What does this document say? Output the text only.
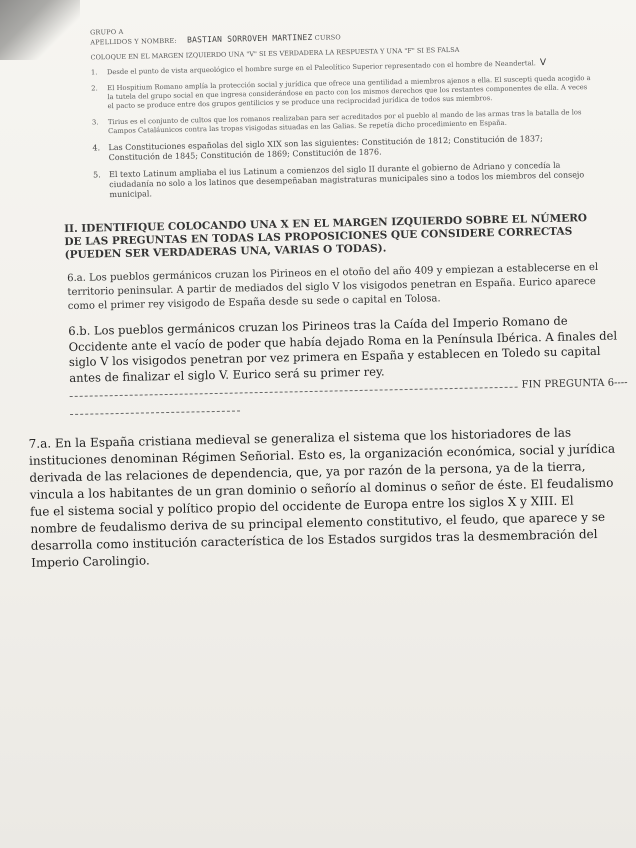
GRUPO A
APELLIDOS Y NOMBRE: BASTIAN SORROVEH MARTINEZ CURSO
COLOQUE EN EL MARGEN IZQUIERDO UNA "V" SI ES VERDADERA LA RESPUESTA Y UNA "F" SI ES FALSA
1.	Desde el punto de vista arqueológico el hombre surge en el Paleolítico Superior representado con el hombre de Neandertal. V
2.	El Hospitium Romano amplía la protección social y jurídica que ofrece una gentilidad a miembros ajenos a ella. El suscepti queda acogido a la tutela del grupo social en que ingresa considerándose en pacto con los mismos derechos que los restantes componentes de ella. A veces el pacto se produce entre dos grupos gentilicios y se produce una reciprocidad jurídica de todos sus miembros.
3.	Tirius es el conjunto de cultos que los romanos realizaban para ser acreditados por el pueblo al mando de las armas tras la batalla de los Campos Cataláunicos contra las tropas visigodas situadas en las Galias. Se repetía dicho procedimiento en España.
4.	Las Constituciones españolas del siglo XIX son las siguientes: Constitución de 1812; Constitución de 1837; Constitución de 1845; Constitución de 1869; Constitución de 1876.
5.	El texto Latinum ampliaba el ius Latinum a comienzos del siglo II durante el gobierno de Adriano y concedía la ciudadanía no solo a los latinos que desempeñaban magistraturas municipales sino a todos los miembros del consejo municipal.
II. IDENTIFIQUE COLOCANDO UNA X EN EL MARGEN IZQUIERDO SOBRE EL NÚMERO DE LAS PREGUNTAS EN TODAS LAS PROPOSICIONES QUE CONSIDERE CORRECTAS (PUEDEN SER VERDADERAS UNA, VARIAS O TODAS).
6.a. Los pueblos germánicos cruzan los Pirineos en el otoño del año 409 y empiezan a establecerse en el territorio peninsular. A partir de mediados del siglo V los visigodos penetran en España. Eurico aparece como el primer rey visigodo de España desde su sede o capital en Tolosa.
6.b. Los pueblos germánicos cruzan los Pirineos tras la Caída del Imperio Romano de Occidente ante el vacío de poder que había dejado Roma en la Península Ibérica. A finales del siglo V los visigodos penetran por vez primera en España y establecen en Toledo su capital antes de finalizar el siglo V. Eurico será su primer rey.	FIN PREGUNTA 6 ----
7.a. En la España cristiana medieval se generaliza el sistema que los historiadores de las instituciones denominan Régimen Señorial. Esto es, la organización económica, social y jurídica derivada de las relaciones de dependencia, que, ya por razón de la persona, ya de la tierra, vincula a los habitantes de un gran dominio o señorío al dominus o señor de éste. El feudalismo fue el sistema social y político propio del occidente de Europa entre los siglos X y XIII. El nombre de feudalismo deriva de su principal elemento constitutivo, el feudo, que aparece y se desarrolla como institución característica de los Estados surgidos tras la desmembración del Imperio Carolingio.
